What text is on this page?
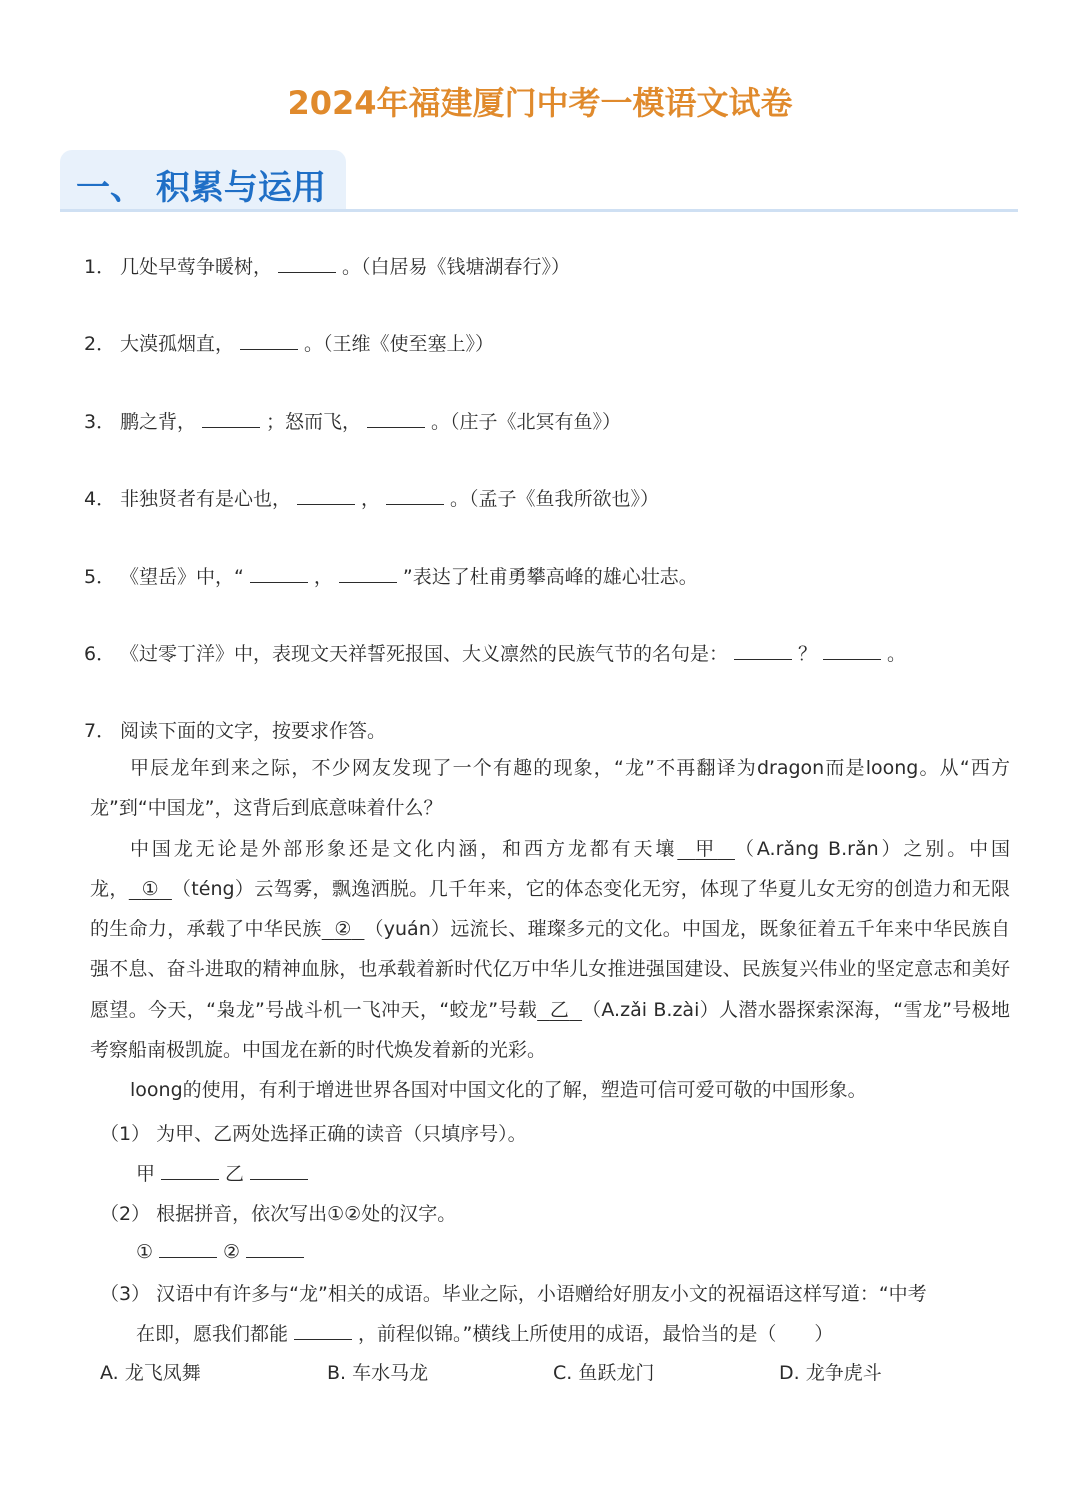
2024年福建厦门中考一模语文试卷
一、 积累与运用
1． 几处早莺争暖树，	。（白居易《钱塘湖春行》）
2． 大漠孤烟直，	。（王维《使至塞上》）
3． 鹏之背，	；怒而飞，	。（庄子《北冥有鱼》）
4． 非独贤者有是心也，	，	。（孟子《鱼我所欲也》）
5． 《望岳》中，“	，	”表达了杜甫勇攀高峰的雄心壮志。
6． 《过零丁洋》中，表现文天祥誓死报国、大义凛然的民族气节的名句是：	？	。
7． 阅读下面的文字，按要求作答。

甲辰龙年到来之际，不少网友发现了一个有趣的现象，“龙”不再翻译为dragon而是loong。从“西方龙”到“中国龙”，这背后到底意味着什么？

中国龙无论是外部形象还是文化内涵，和西方龙都有天壤 甲 （A.rǎng B.rǎn）之别。中国龙， ① （téng）云驾雾，飘逸洒脱。几千年来，它的体态变化无穷，体现了华夏儿女无穷的创造力和无限的生命力，承载了中华民族 ② （yuán）远流长、璀璨多元的文化。中国龙，既象征着五千年来中华民族自强不息、奋斗进取的精神血脉，也承载着新时代亿万中华儿女推进强国建设、民族复兴伟业的坚定意志和美好愿望。今天，“枭龙”号战斗机一飞冲天，“蛟龙”号载 乙 （A.zǎi B.zài）人潜水器探索深海，“雪龙”号极地考察船南极凯旋。中国龙在新的时代焕发着新的光彩。

loong的使用，有利于增进世界各国对中国文化的了解，塑造可信可爱可敬的中国形象。

（1） 为甲、乙两处选择正确的读音（只填序号）。
甲	乙
（2） 根据拼音，依次写出①②处的汉字。
①	②
（3） 汉语中有许多与“龙”相关的成语。毕业之际，小语赠给好朋友小文的祝福语这样写道：“中考
在即，愿我们都能	，前程似锦。”横线上所使用的成语，最恰当的是（　　）
A. 龙飞凤舞	B. 车水马龙	C. 鱼跃龙门	D. 龙争虎斗
